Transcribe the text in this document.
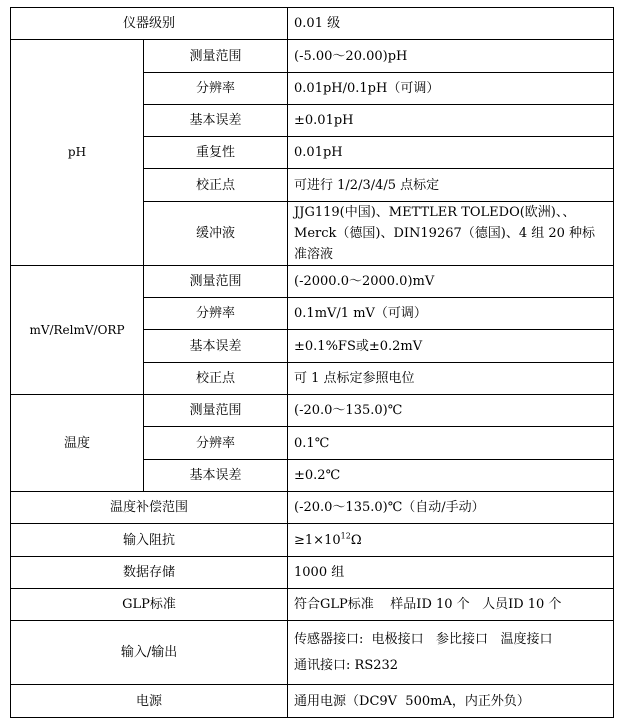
仪器级别		0.01 级
pH	测量范围	(-5.00～20.00)pH
	分辨率	0.01pH/0.1pH（可调）
	基本误差	±0.01pH
	重复性	0.01pH
	校正点	可进行 1/2/3/4/5 点标定
	缓冲液	JJG119(中国)、METTLER TOLEDO(欧洲)、、Merck（德国)、DIN19267（德国)、4 组 20 种标准溶液
mV/RelmV/ORP	测量范围	(-2000.0～2000.0)mV
	分辨率	0.1mV/1 mV（可调）
	基本误差	±0.1%FS或±0.2mV
	校正点	可 1 点标定参照电位
温度	测量范围	(-20.0～135.0)℃
	分辨率	0.1℃
	基本误差	±0.2℃
温度补偿范围		(-20.0～135.0)℃（自动/手动）
输入阻抗		$\ge 1\times 10^{12}\Omega$
数据存储		1000 组
GLP标准		符合GLP标准    样品ID 10 个   人员ID 10 个
输入/输出		传感器接口:  电极接口   参比接口   温度接口
通讯接口: RS232

电源		通用电源（DC9V  500mA，内正外负）
